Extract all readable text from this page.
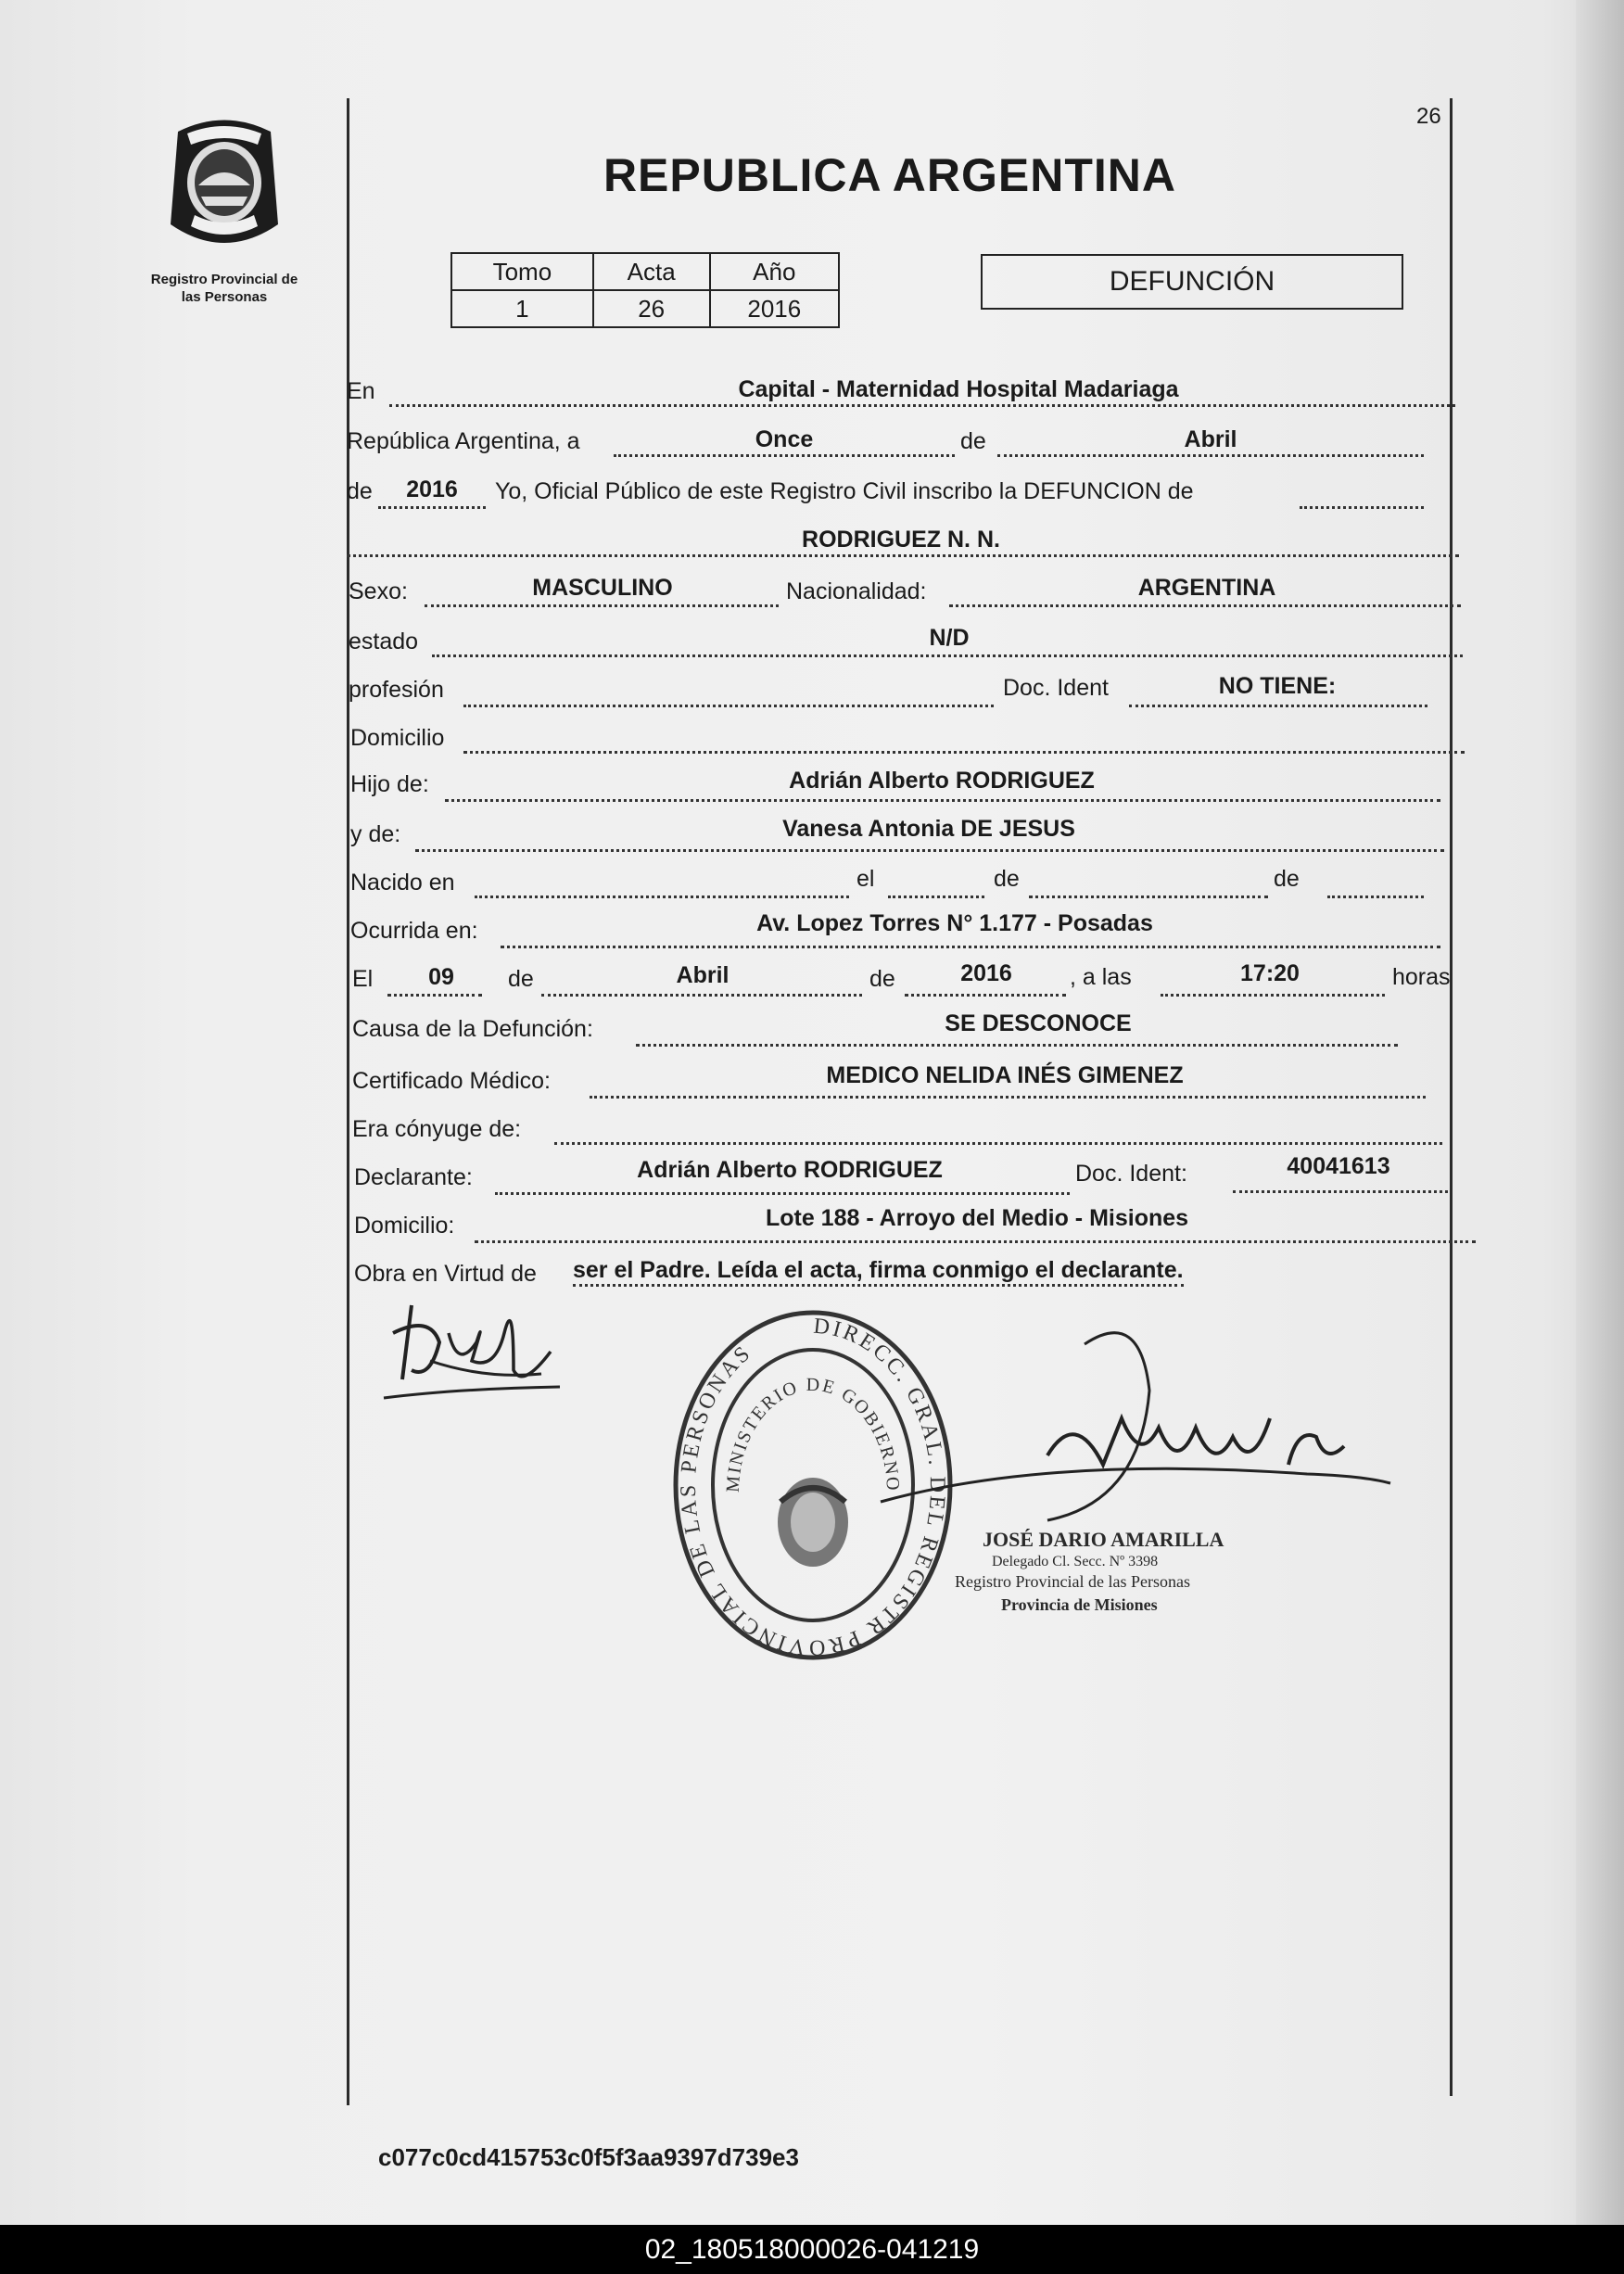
Registro Provincial de
las Personas
26
REPUBLICA ARGENTINA
Tomo	Acta	Año
1	26	2016
DEFUNCIÓN
En	Capital - Maternidad Hospital Madariaga
República Argentina, a	Once	de	Abril
de 2016 Yo, Oficial Público de este Registro Civil inscribo la DEFUNCION de
RODRIGUEZ N. N.
Sexo:	MASCULINO	Nacionalidad:	ARGENTINA
estado	N/D
profesión	Doc. Ident	NO TIENE:
Domicilio
Hijo de:	Adrián Alberto RODRIGUEZ
y de:	Vanesa Antonia DE JESUS
Nacido en	el	de	de
Ocurrida en:	Av. Lopez Torres N° 1.177 - Posadas
El 09 de	Abril	de	2016 , a las	17:20	horas
Causa de la Defunción:	SE DESCONOCE
Certificado Médico:	MEDICO NELIDA INÉS GIMENEZ
Era cónyuge de:
Declarante:	Adrián Alberto RODRIGUEZ	Doc. Ident:	40041613
Domicilio:	Lote 188 - Arroyo del Medio - Misiones
Obra en Virtud de ser el Padre. Leída el acta, firma conmigo el declarante.
DIRECC. GRAL. DEL REGISTR PROVINCIAL DE LAS PERSONAS
MINISTERIO DE GOBIERNO
JOSÉ DARIO AMARILLA
Delegado Cl. Secc. Nº 3398
Registro Provincial de las Personas
Provincia de Misiones
c077c0cd415753c0f5f3aa9397d739e3
02_180518000026-041219
